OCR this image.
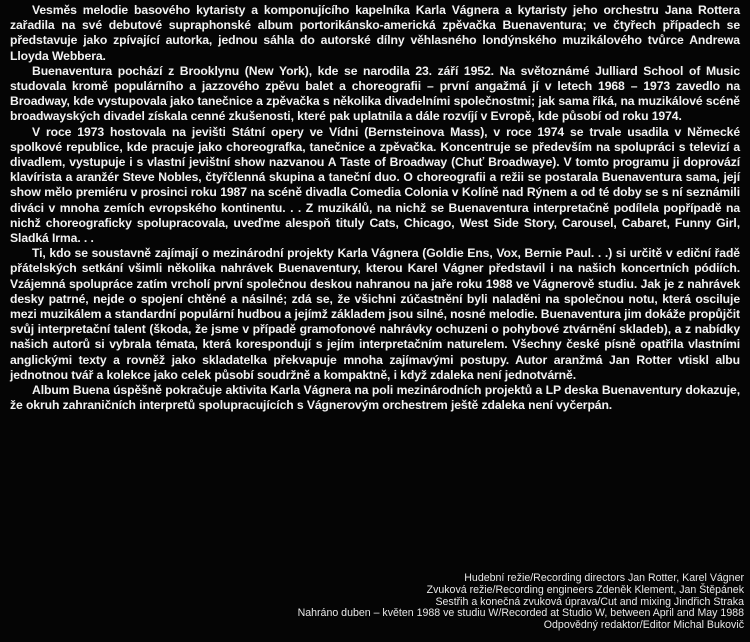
Vesměs melodie basového kytaristy a komponujícího kapelníka Karla Vágnera a kytaristy jeho orchestru Jana Rottera zařadila na své debutové supraphonské album portorikánsko-americká zpěvačka Buenaventura; ve čtyřech případech se představuje jako zpívající autorka, jednou sáhla do autorské dílny věhlasného londýnského muzikálového tvůrce Andrewa Lloyda Webbera.

Buenaventura pochází z Brooklynu (New York), kde se narodila 23. září 1952. Na světoznámé Julliard School of Music studovala kromě populárního a jazzového zpěvu balet a choreografii – první angažmá jí v letech 1968 – 1973 zavedlo na Broadway, kde vystupovala jako tanečnice a zpěvačka s několika divadelními společnostmi; jak sama říká, na muzikálové scéně broadwayských divadel získala cenné zkušenosti, které pak uplatnila a dále rozvíjí v Evropě, kde působí od roku 1974.

V roce 1973 hostovala na jevišti Státní opery ve Vídni (Bernsteinova Mass), v roce 1974 se trvale usadila v Německé spolkové republice, kde pracuje jako choreografka, tanečnice a zpěvačka. Koncentruje se především na spolupráci s televizí a divadlem, vystupuje i s vlastní jevištní show nazvanou A Taste of Broadway (Chuť Broadwaye). V tomto programu ji doprovází klavírista a aranžér Steve Nobles, čtyřčlenná skupina a taneční duo. O choreografii a režii se postarala Buenaventura sama, její show mělo premiéru v prosinci roku 1987 na scéně divadla Comedia Colonia v Kolíně nad Rýnem a od té doby se s ní seznámili diváci v mnoha zemích evropského kontinentu. . . Z muzikálů, na nichž se Buenaventura interpretačně podílela popřípadě na nichž choreograficky spolupracovala, uveďme alespoň tituly Cats, Chicago, West Side Story, Carousel, Cabaret, Funny Girl, Sladká Irma. . .

Ti, kdo se soustavně zajímají o mezinárodní projekty Karla Vágnera (Goldie Ens, Vox, Bernie Paul. . .) si určitě v ediční řadě přátelských setkání všimli několika nahrávek Buenaventury, kterou Karel Vágner představil i na našich koncertních pódiích. Vzájemná spolupráce zatím vrcholí první společnou deskou nahranou na jaře roku 1988 ve Vágnerově studiu. Jak je z nahrávek desky patrné, nejde o spojení chtěné a násilné; zdá se, že všichni zúčastnění byli naladěni na společnou notu, která osciluje mezi muzikálem a standardní populární hudbou a jejímž základem jsou silné, nosné melodie. Buenaventura jim dokáže propůjčit svůj interpretační talent (škoda, že jsme v případě gramofonové nahrávky ochuzeni o pohybové ztvárnění skladeb), a z nabídky našich autorů si vybrala témata, která korespondují s jejím interpretačním naturelem. Všechny české písně opatřila vlastními anglickými texty a rovněž jako skladatelka překvapuje mnoha zajímavými postupy. Autor aranžmá Jan Rotter vtiskl albu jednotnou tvář a kolekce jako celek působí soudržně a kompaktně, i když zdaleka není jednotvárně.

Album Buena úspěšně pokračuje aktivita Karla Vágnera na poli mezinárodních projektů a LP deska Buenaventury dokazuje, že okruh zahraničních interpretů spolupracujících s Vágnerovým orchestrem ještě zdaleka není vyčerpán.

Hudební režie/Recording directors Jan Rotter, Karel Vágner
Zvuková režie/Recording engineers Zdeněk Klement, Jan Štěpánek
Sestřih a konečná zvuková úprava/Cut and mixing Jindřich Straka
Nahráno duben – květen 1988 ve studiu W/Recorded at Studio W, between April and May 1988
Odpovědný redaktor/Editor Michal Bukovič
